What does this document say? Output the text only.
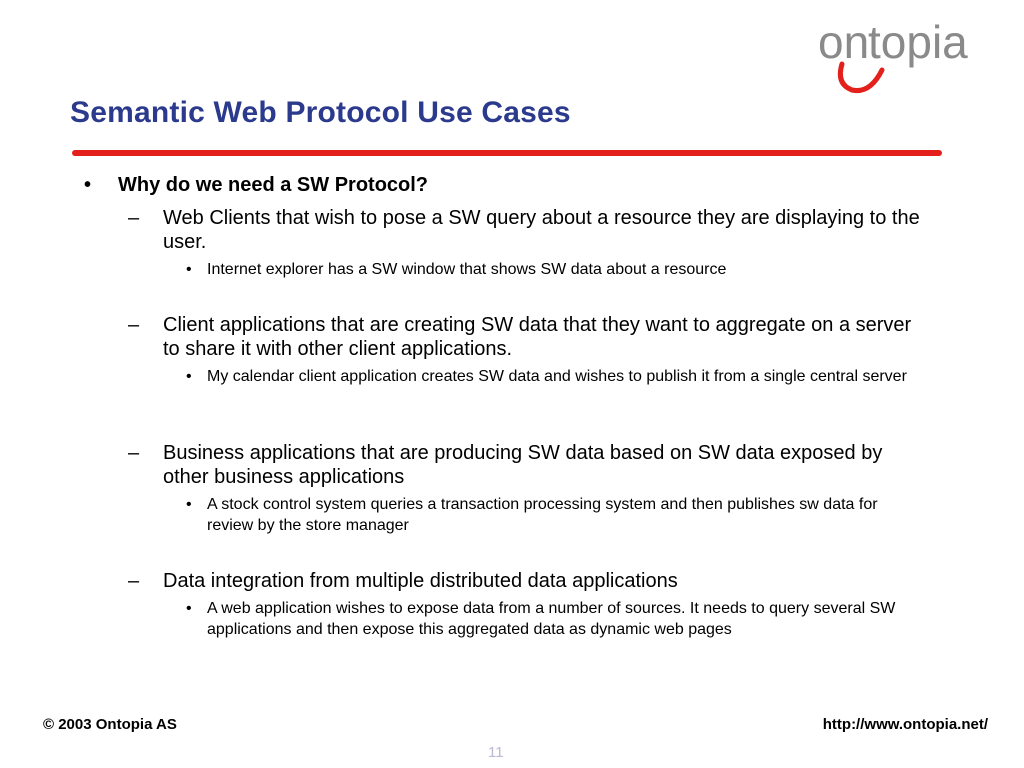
on
topia
Semantic Web Protocol Use Cases
• Why do we need a SW Protocol?
– Web Clients that wish to pose a SW query about a resource they are displaying to the user.
• Internet explorer has a SW window that shows SW data about a resource
– Client applications that are creating SW data that they want to aggregate on a server to share it with other client applications.
• My calendar client application creates SW data and wishes to publish it from a single central server
– Business applications that are producing SW data based on SW data exposed by other business applications
• A stock control system queries a transaction processing system and then publishes sw data for review by the store manager
– Data integration from multiple distributed data applications
• A web application wishes to expose data from a number of sources. It needs to query several SW applications and then expose this aggregated data as dynamic web pages
© 2003 Ontopia AS	http://www.ontopia.net/
11
